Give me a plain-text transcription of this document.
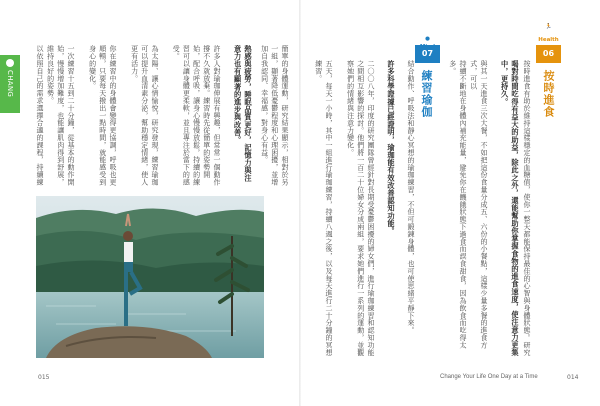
CHANG	簡單的身體運動，研究結果顯示，相對於另一組，顯著降低憂鬱程度和心理困擾，並增加自我認同、幸福感，對身心有益。
熱感與疲勞，睡眠品質更好，記憶力與注意力也有顯著的進步與改善。
許多人對瑜珈伸展有興趣，但常常一個動作撐不久就放棄。練習時先從簡單的姿勢開始，配合呼吸，讓身心慢慢放鬆，持續的練習可以讓身體更柔軟，並且專注於當下的感受。
為太陽、讓心情愉悅，研究發現，練習瑜珈可以提升血清素分泌，幫助穩定情緒，使人更有活力。
你在練習中的身體會變得更協調，呼吸也更順暢，只要每天撥出一點時間，就能感受到身心的變化。
一次練習十五到二十分鐘，從基本的動作開始，慢慢增加難度，也能讓肌肉得到舒展，維持良好的姿勢。
以依照自己的需求選擇合適的課程，持續練
●
07
練習瑜伽
🏃
Health
06
按時進食
結合動作、呼吸法和靜心冥想的瑜珈練習，不但可鍛鍊身體，也可使思緒平靜下來。
許多科學證據已經證明，瑜珈能有效改善認知功能。
二〇〇八年，印度的研究團隊曾經針對長期受憂鬱困擾的婦女們，進行瑜珈練習和認知功能之間相互影響的探討。他們將一百二十位婦女分成兩組，要求她們進行一系列的運動，並觀察她們的情緒與注意力變化。
五天，每天一小時，其中一組進行瑜珈練習，持續八週之後，以及每天進行二十分鐘的冥想練習。	按時進食有助於維持這樣穩定的血糖值，使你一整天都能保持最佳的心智與身體狀態。研究
喝對時間吃得有益大的助益，除此之外，還能幫助你掌握食物的進食速度，使注意力更集中，更持久。
與其一天進食三次大餐，不如把這份食量分成五、六份的小餐點，這樣少量多餐的進食方式，可以
持續不斷地在身體內補充能量，避免你在饑餓狀態下過食而誤食甜食，因為飲食而吃得太多。
015	Change Your Life One Day at a Time	014
